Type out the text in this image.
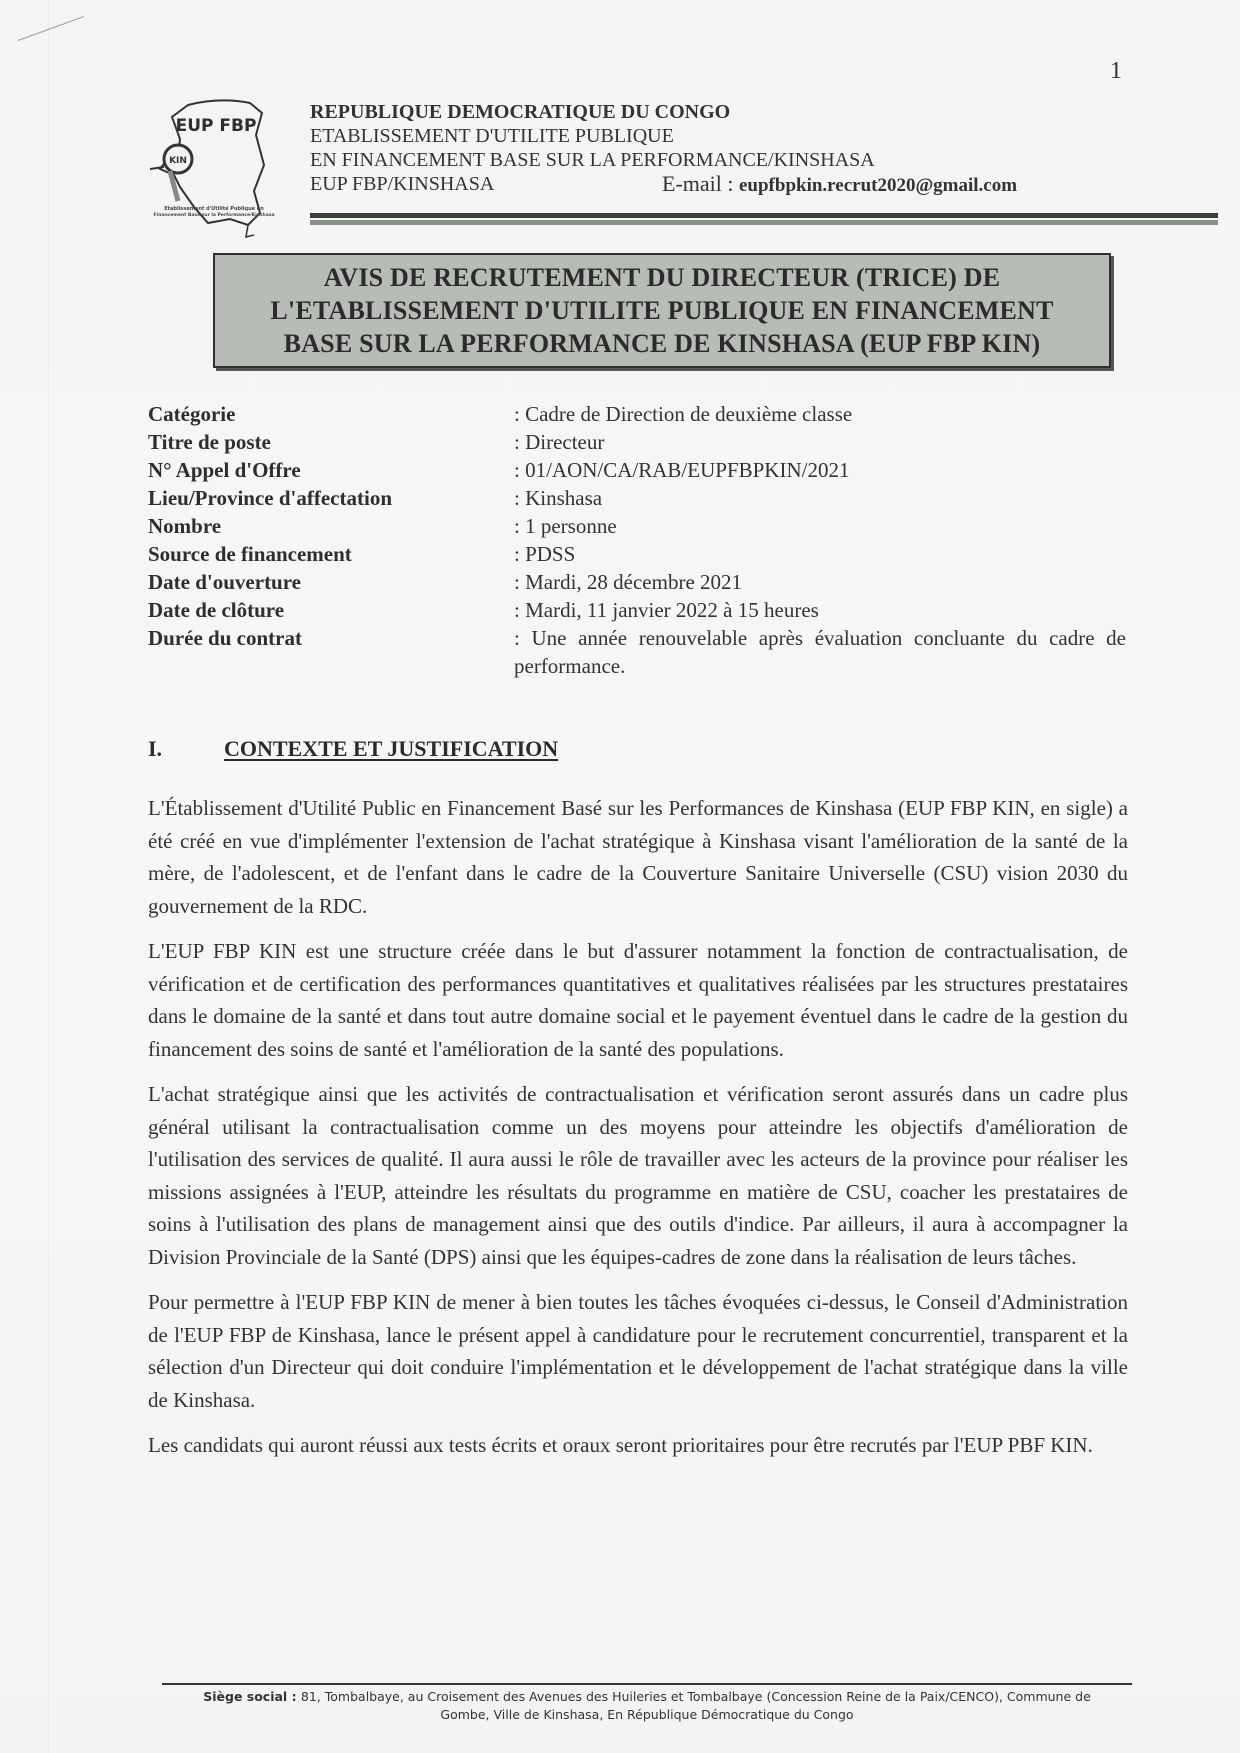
1
EUP FBP
KIN
Etablissement d'Utilité Publique en
Financement Basé sur la Performance/Kinshasa
REPUBLIQUE DEMOCRATIQUE DU CONGO
ETABLISSEMENT D'UTILITE PUBLIQUE
EN FINANCEMENT BASE SUR LA PERFORMANCE/KINSHASA
EUP FBP/KINSHASA	E-mail : eupfbpkin.recrut2020@gmail.com
AVIS DE RECRUTEMENT DU DIRECTEUR (TRICE) DE
L'ETABLISSEMENT D'UTILITE PUBLIQUE EN FINANCEMENT
BASE SUR LA PERFORMANCE DE KINSHASA (EUP FBP KIN)
Catégorie	: Cadre de Direction de deuxième classe
Titre de poste	: Directeur
N° Appel d'Offre	: 01/AON/CA/RAB/EUPFBPKIN/2021
Lieu/Province d'affectation	: Kinshasa
Nombre	: 1 personne
Source de financement	: PDSS
Date d'ouverture	: Mardi, 28 décembre 2021
Date de clôture	: Mardi, 11 janvier 2022 à 15 heures
Durée du contrat	: Une année renouvelable après évaluation concluante du cadre de performance.
I.	CONTEXTE ET JUSTIFICATION

L'Établissement d'Utilité Public en Financement Basé sur les Performances de Kinshasa (EUP FBP KIN, en sigle) a été créé en vue d'implémenter l'extension de l'achat stratégique à Kinshasa visant l'amélioration de la santé de la mère, de l'adolescent, et de l'enfant dans le cadre de la Couverture Sanitaire Universelle (CSU) vision 2030 du gouvernement de la RDC.

L'EUP FBP KIN est une structure créée dans le but d'assurer notamment la fonction de contractualisation, de vérification et de certification des performances quantitatives et qualitatives réalisées par les structures prestataires dans le domaine de la santé et dans tout autre domaine social et le payement éventuel dans le cadre de la gestion du financement des soins de santé et l'amélioration de la santé des populations.

L'achat stratégique ainsi que les activités de contractualisation et vérification seront assurés dans un cadre plus général utilisant la contractualisation comme un des moyens pour atteindre les objectifs d'amélioration de l'utilisation des services de qualité. Il aura aussi le rôle de travailler avec les acteurs de la province pour réaliser les missions assignées à l'EUP, atteindre les résultats du programme en matière de CSU, coacher les prestataires de soins à l'utilisation des plans de management ainsi que des outils d'indice. Par ailleurs, il aura à accompagner la Division Provinciale de la Santé (DPS) ainsi que les équipes-cadres de zone dans la réalisation de leurs tâches.

Pour permettre à l'EUP FBP KIN de mener à bien toutes les tâches évoquées ci-dessus, le Conseil d'Administration de l'EUP FBP de Kinshasa, lance le présent appel à candidature pour le recrutement concurrentiel, transparent et la sélection d'un Directeur qui doit conduire l'implémentation et le développement de l'achat stratégique dans la ville de Kinshasa.

Les candidats qui auront réussi aux tests écrits et oraux seront prioritaires pour être recrutés par l'EUP PBF KIN.

Siège social : 81, Tombalbaye, au Croisement des Avenues des Huileries et Tombalbaye (Concession Reine de la Paix/CENCO), Commune de
Gombe, Ville de Kinshasa, En République Démocratique du Congo
